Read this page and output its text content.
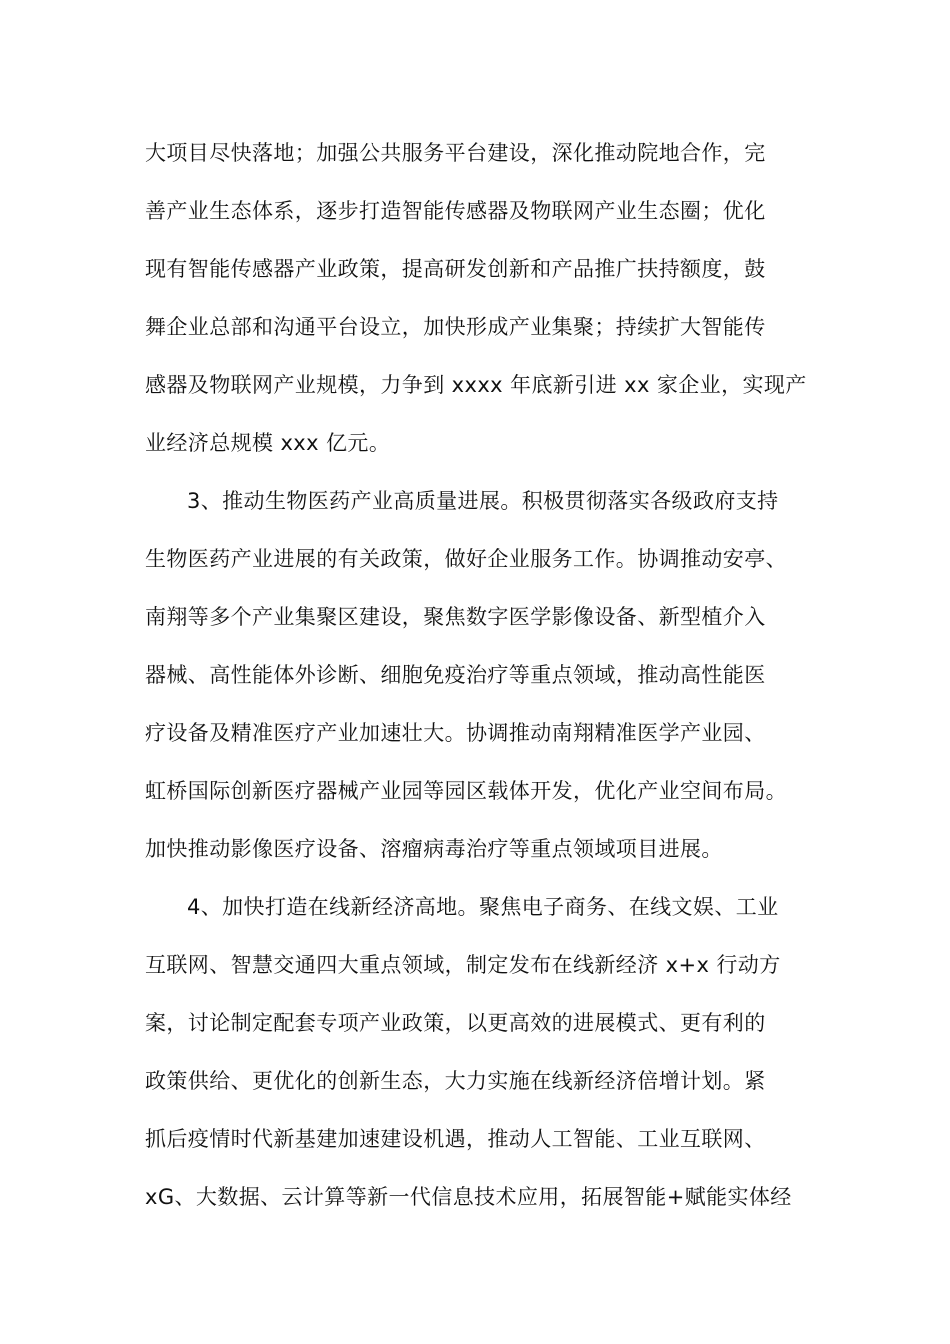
大项目尽快落地；加强公共服务平台建设，深化推动院地合作，完
善产业生态体系，逐步打造智能传感器及物联网产业生态圈；优化
现有智能传感器产业政策，提高研发创新和产品推广扶持额度，鼓
舞企业总部和沟通平台设立，加快形成产业集聚；持续扩大智能传
感器及物联网产业规模，力争到 xxxx 年底新引进 xx 家企业，实现产
业经济总规模 xxx 亿元。
3、推动生物医药产业高质量进展。积极贯彻落实各级政府支持
生物医药产业进展的有关政策，做好企业服务工作。协调推动安亭、
南翔等多个产业集聚区建设，聚焦数字医学影像设备、新型植介入
器械、高性能体外诊断、细胞免疫治疗等重点领域，推动高性能医
疗设备及精准医疗产业加速壮大。协调推动南翔精准医学产业园、
虹桥国际创新医疗器械产业园等园区载体开发，优化产业空间布局。
加快推动影像医疗设备、溶瘤病毒治疗等重点领域项目进展。
4、加快打造在线新经济高地。聚焦电子商务、在线文娱、工业
互联网、智慧交通四大重点领域，制定发布在线新经济 x+x 行动方
案，讨论制定配套专项产业政策，以更高效的进展模式、更有利的
政策供给、更优化的创新生态，大力实施在线新经济倍增计划。紧
抓后疫情时代新基建加速建设机遇，推动人工智能、工业互联网、
xG、大数据、云计算等新一代信息技术应用，拓展智能+赋能实体经
